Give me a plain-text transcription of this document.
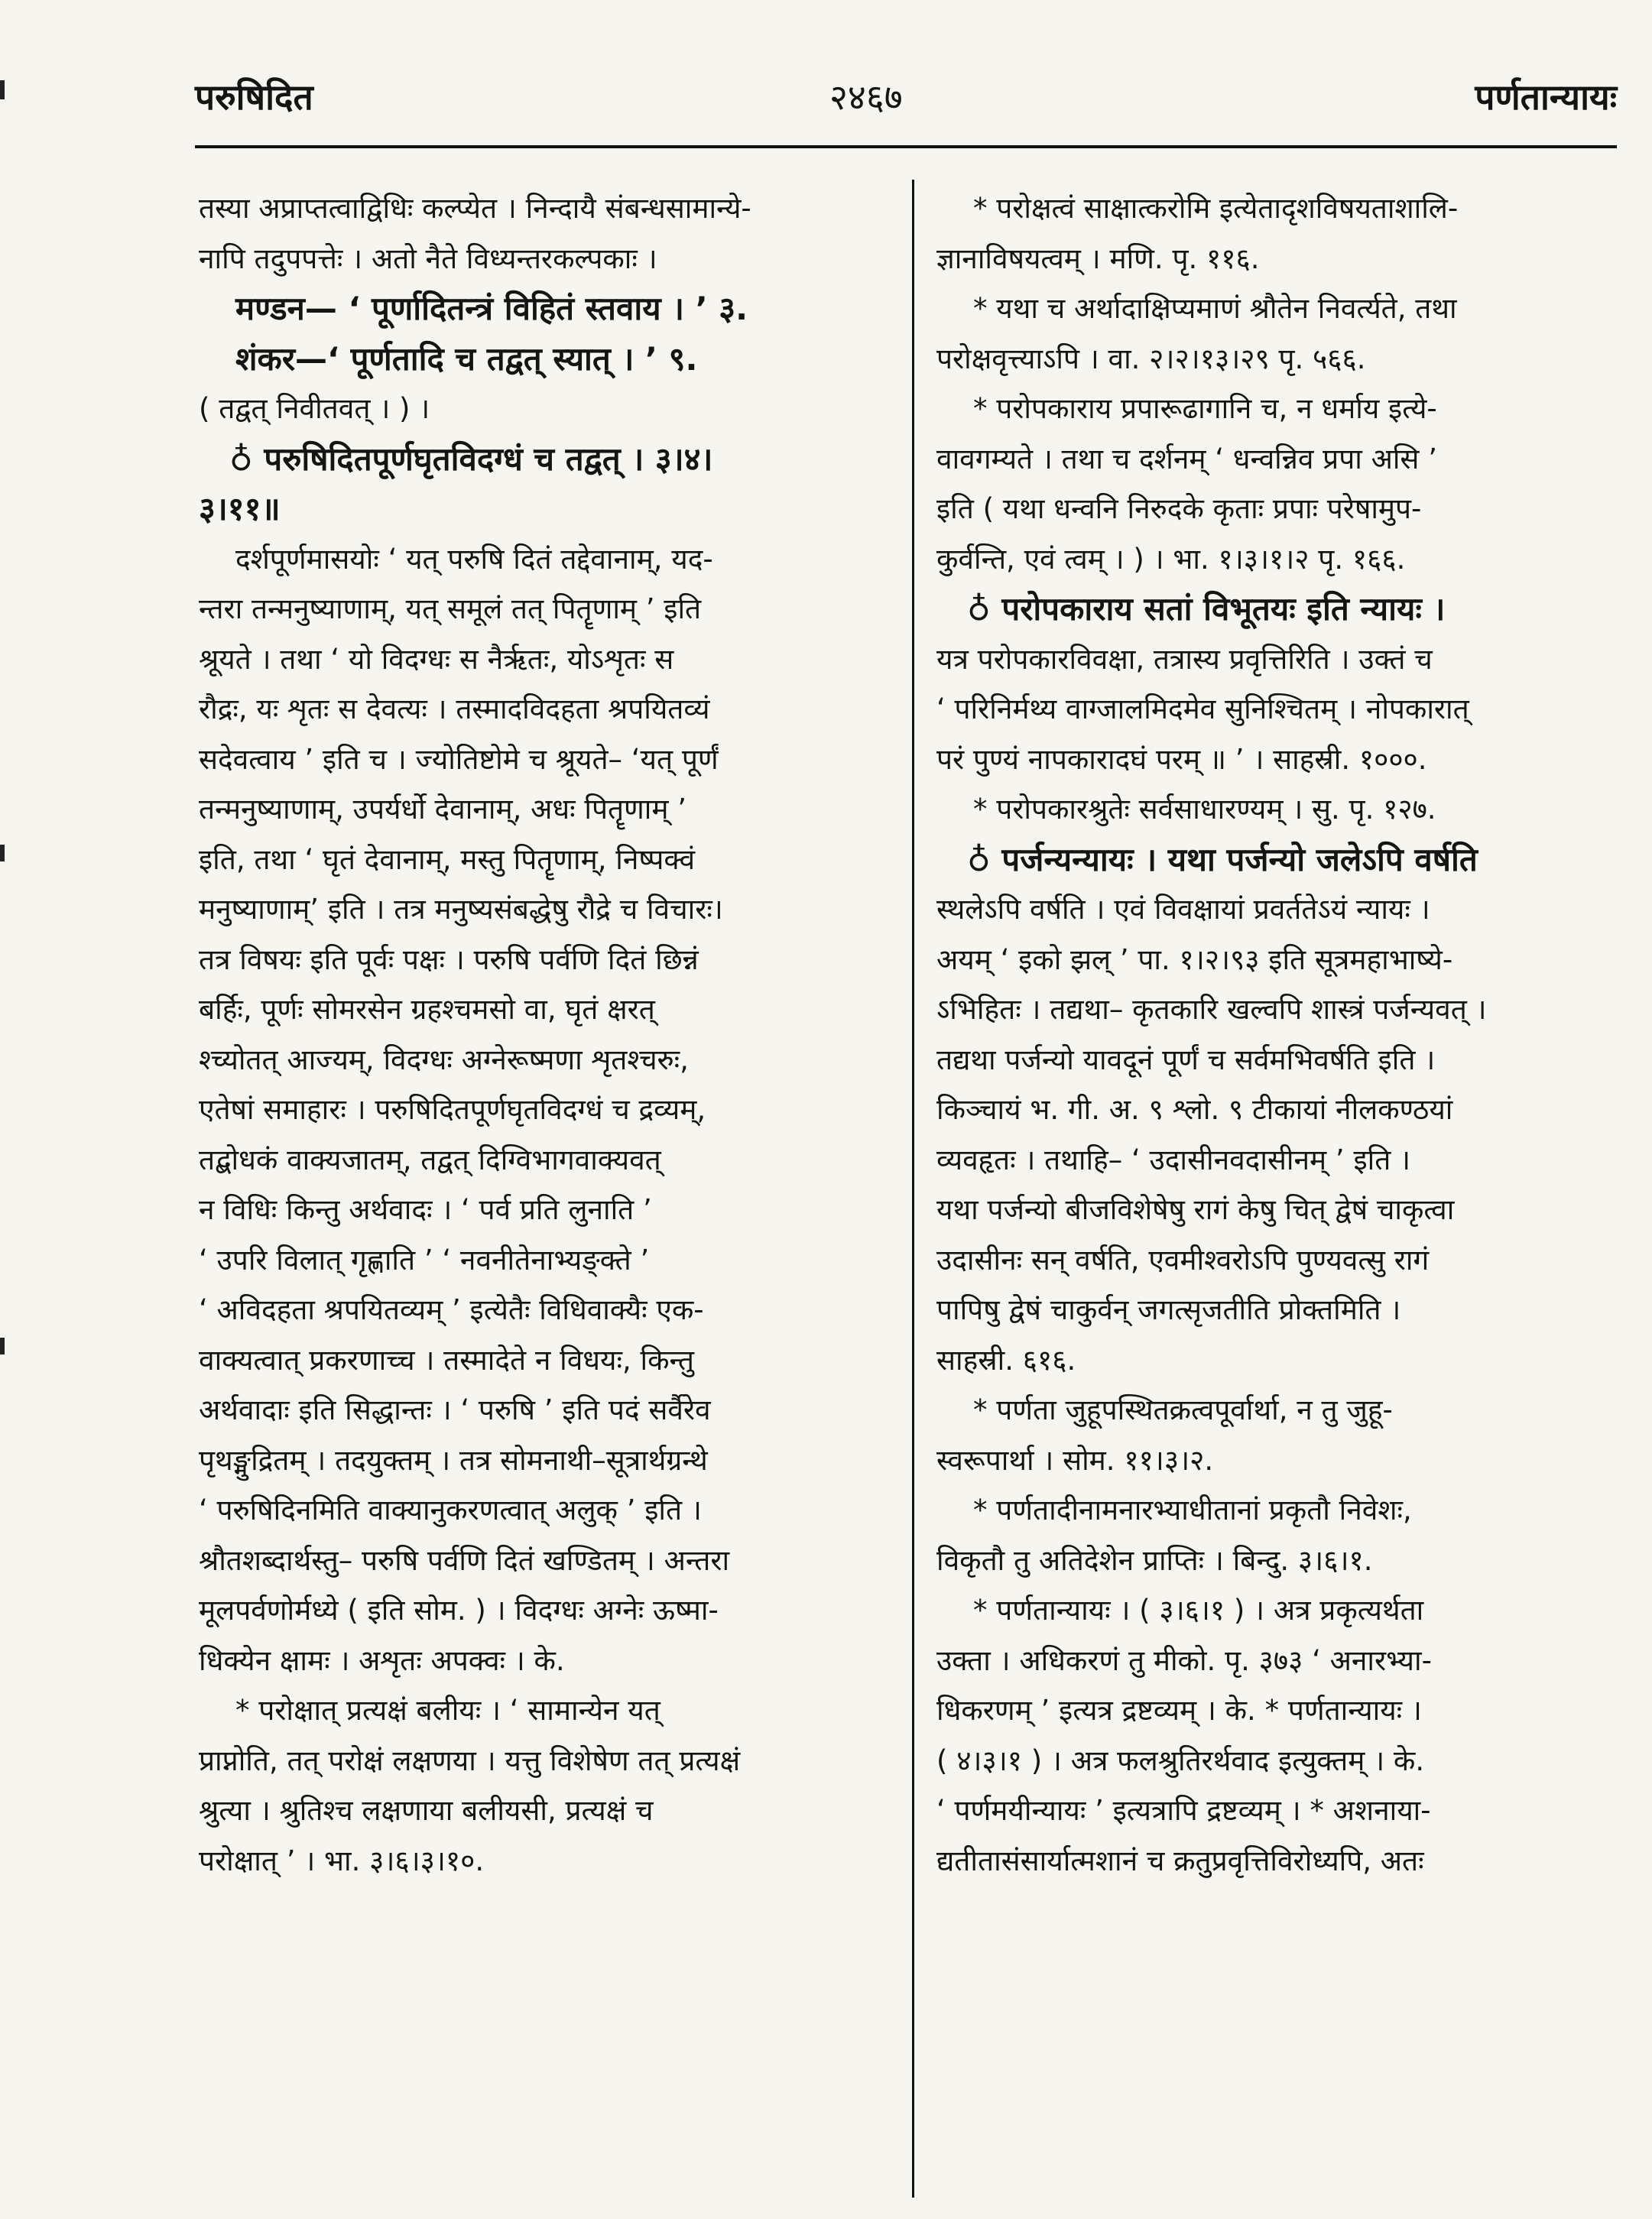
परुषिदित	२४६७	पर्णतान्यायः
तस्या अप्राप्तत्वाद्विधिः कल्प्येत । निन्दायै संबन्धसामान्ये-
नापि तदुपपत्तेः । अतो नैते विध्यन्तरकल्पकाः ।
मण्डन— ‘ पूर्णादितन्त्रं विहितं स्तवाय । ’ ३.
शंकर—‘ पूर्णतादि च तद्वत् स्यात् । ’ ९.
( तद्वत् निवीतवत् । ) ।
♁ परुषिदितपूर्णघृतविदग्धं च तद्वत् । ३।४।
३।११॥
दर्शपूर्णमासयोः ‘ यत् परुषि दितं तद्देवानाम्, यद-
न्तरा तन्मनुष्याणाम्, यत् समूलं तत् पितॄणाम् ’ इति
श्रूयते । तथा ‘ यो विदग्धः स नैर्ऋतः, योऽशृतः स
रौद्रः, यः शृतः स देवत्यः । तस्मादविदहता श्रपयितव्यं
सदेवत्वाय ’ इति च । ज्योतिष्टोमे च श्रूयते– ‘यत् पूर्णं
तन्मनुष्याणाम्, उपर्यर्धो देवानाम्, अधः पितॄणाम् ’
इति, तथा ‘ घृतं देवानाम्, मस्तु पितॄणाम्, निष्पक्वं
मनुष्याणाम्’ इति । तत्र मनुष्यसंबद्धेषु रौद्रे च विचारः।
तत्र विषयः इति पूर्वः पक्षः । परुषि पर्वणि दितं छिन्नं
बर्हिः, पूर्णः सोमरसेन ग्रहश्चमसो वा, घृतं क्षरत्
श्च्योतत् आज्यम्, विदग्धः अग्नेरूष्मणा शृतश्चरुः,
एतेषां समाहारः । परुषिदितपूर्णघृतविदग्धं च द्रव्यम्,
तद्बोधकं वाक्यजातम्, तद्वत् दिग्विभागवाक्यवत्
न विधिः किन्तु अर्थवादः । ‘ पर्व प्रति लुनाति ’
‘ उपरि विलात् गृह्णाति ’ ‘ नवनीतेनाभ्यङ्क्ते ’
‘ अविदहता श्रपयितव्यम् ’ इत्येतैः विधिवाक्यैः एक-
वाक्यत्वात् प्रकरणाच्च । तस्मादेते न विधयः, किन्तु
अर्थवादाः इति सिद्धान्तः । ‘ परुषि ’ इति पदं सर्वैरेव
पृथङ्मुद्रितम् । तदयुक्तम् । तत्र सोमनाथी–सूत्रार्थग्रन्थे
‘ परुषिदिनमिति वाक्यानुकरणत्वात् अलुक् ’ इति ।
श्रौतशब्दार्थस्तु– परुषि पर्वणि दितं खण्डितम् । अन्तरा
मूलपर्वणोर्मध्ये ( इति सोम. ) । विदग्धः अग्नेः ऊष्मा-
धिक्येन क्षामः । अशृतः अपक्वः । के.
* परोक्षात् प्रत्यक्षं बलीयः । ‘ सामान्येन यत्
प्राप्नोति, तत् परोक्षं लक्षणया । यत्तु विशेषेण तत् प्रत्यक्षं
श्रुत्या । श्रुतिश्च लक्षणाया बलीयसी, प्रत्यक्षं च
परोक्षात् ’ । भा. ३।६।३।१०.
* परोक्षत्वं साक्षात्करोमि इत्येतादृशविषयताशालि-
ज्ञानाविषयत्वम् । मणि. पृ. ११६.
* यथा च अर्थादाक्षिप्यमाणं श्रौतेन निवर्त्यते, तथा
परोक्षवृत्त्याऽपि । वा. २।२।१३।२९ पृ. ५६६.
* परोपकाराय प्रपारूढागानि च, न धर्माय इत्ये-
वावगम्यते । तथा च दर्शनम् ‘ धन्वन्निव प्रपा असि ’
इति ( यथा धन्वनि निरुदके कृताः प्रपाः परेषामुप-
कुर्वन्ति, एवं त्वम् । ) । भा. १।३।१।२ पृ. १६६.
♁ परोपकाराय सतां विभूतयः इति न्यायः ।
यत्र परोपकारविवक्षा, तत्रास्य प्रवृत्तिरिति । उक्तं च
‘ परिनिर्मथ्य वाग्जालमिदमेव सुनिश्चितम् । नोपकारात्
परं पुण्यं नापकारादघं परम् ॥ ’ । साहस्री. १०००.
* परोपकारश्रुतेः सर्वसाधारण्यम् । सु. पृ. १२७.
♁ पर्जन्यन्यायः । यथा पर्जन्यो जलेऽपि वर्षति
स्थलेऽपि वर्षति । एवं विवक्षायां प्रवर्ततेऽयं न्यायः ।
अयम् ‘ इको झल् ’ पा. १।२।९३ इति सूत्रमहाभाष्ये-
ऽभिहितः । तद्यथा– कृतकारि खल्वपि शास्त्रं पर्जन्यवत् ।
तद्यथा पर्जन्यो यावदूनं पूर्णं च सर्वमभिवर्षति इति ।
किञ्चायं भ. गी. अ. ९ श्लो. ९ टीकायां नीलकण्ठयां
व्यवहृतः । तथाहि– ‘ उदासीनवदासीनम् ’ इति ।
यथा पर्जन्यो बीजविशेषेषु रागं केषु चित् द्वेषं चाकृत्वा
उदासीनः सन् वर्षति, एवमीश्वरोऽपि पुण्यवत्सु रागं
पापिषु द्वेषं चाकुर्वन् जगत्सृजतीति प्रोक्तमिति ।
साहस्री. ६१६.
* पर्णता जुहूपस्थितक्रत्वपूर्वार्था, न तु जुहू-
स्वरूपार्था । सोम. ११।३।२.
* पर्णतादीनामनारभ्याधीतानां प्रकृतौ निवेशः,
विकृतौ तु अतिदेशेन प्राप्तिः । बिन्दु. ३।६।१.
* पर्णतान्यायः । ( ३।६।१ ) । अत्र प्रकृत्यर्थता
उक्ता । अधिकरणं तु मीको. पृ. ३७३ ‘ अनारभ्या-
धिकरणम् ’ इत्यत्र द्रष्टव्यम् । के. * पर्णतान्यायः ।
( ४।३।१ ) । अत्र फलश्रुतिरर्थवाद इत्युक्तम् । के.
‘ पर्णमयीन्यायः ’ इत्यत्रापि द्रष्टव्यम् । * अशनाया-
द्यतीतासंसार्यात्मशानं च क्रतुप्रवृत्तिविरोध्यपि, अतः
